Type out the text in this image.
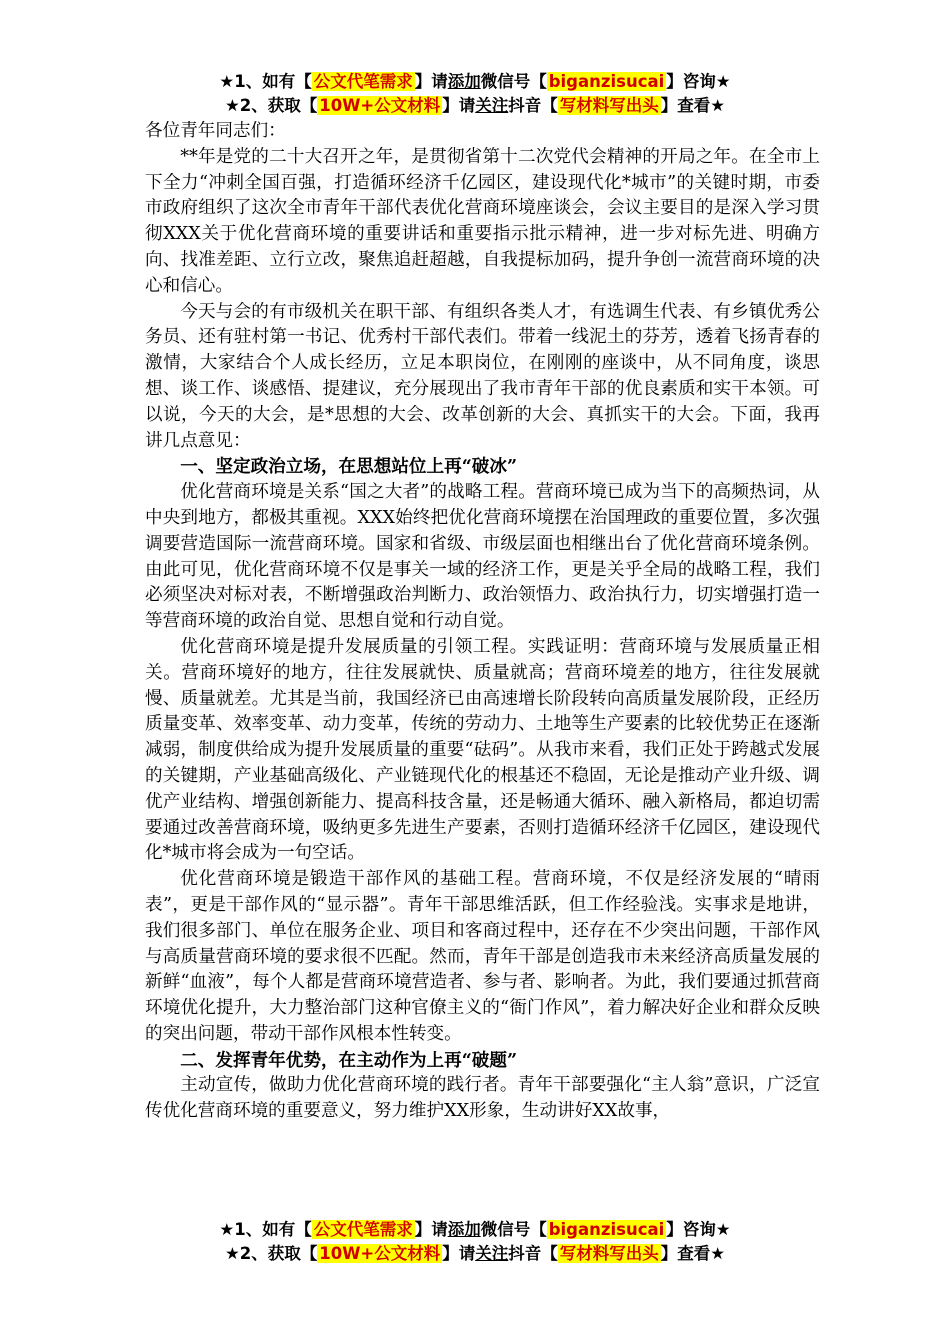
★1、如有【 公文代笔需求 】请添加微信号【 biganzisucai 】咨询★
★2、获取【 10W+公文材料 】请关注抖音【 写材料写出头 】查看★

各位青年同志们：

**年是党的二十大召开之年，是贯彻省第十二次党代会精神的开局之年。在全市上下全力“冲刺全国百强，打造循环经济千亿园区，建设现代化*城市”的关键时期，市委市政府组织了这次全市青年干部代表优化营商环境座谈会，会议主要目的是深入学习贯彻XXX关于优化营商环境的重要讲话和重要指示批示精神，进一步对标先进、明确方向、找准差距、立行立改，聚焦追赶超越，自我提标加码，提升争创一流营商环境的决心和信心。

今天与会的有市级机关在职干部、有组织各类人才，有选调生代表、有乡镇优秀公务员、还有驻村第一书记、优秀村干部代表们。带着一线泥土的芬芳，透着飞扬青春的激情，大家结合个人成长经历，立足本职岗位，在刚刚的座谈中，从不同角度，谈思想、谈工作、谈感悟、提建议，充分展现出了我市青年干部的优良素质和实干本领。可以说，今天的大会，是*思想的大会、改革创新的大会、真抓实干的大会。下面，我再讲几点意见：

一、坚定政治立场，在思想站位上再“破冰”

优化营商环境是关系“国之大者”的战略工程。营商环境已成为当下的高频热词，从中央到地方，都极其重视。XXX始终把优化营商环境摆在治国理政的重要位置，多次强调要营造国际一流营商环境。国家和省级、市级层面也相继出台了优化营商环境条例。由此可见，优化营商环境不仅是事关一域的经济工作，更是关乎全局的战略工程，我们必须坚决对标对表，不断增强政治判断力、政治领悟力、政治执行力，切实增强打造一等营商环境的政治自觉、思想自觉和行动自觉。

优化营商环境是提升发展质量的引领工程。实践证明：营商环境与发展质量正相关。营商环境好的地方，往往发展就快、质量就高；营商环境差的地方，往往发展就慢、质量就差。尤其是当前，我国经济已由高速增长阶段转向高质量发展阶段，正经历质量变革、效率变革、动力变革，传统的劳动力、土地等生产要素的比较优势正在逐渐减弱，制度供给成为提升发展质量的重要“砝码”。从我市来看，我们正处于跨越式发展的关键期，产业基础高级化、产业链现代化的根基还不稳固，无论是推动产业升级、调优产业结构、增强创新能力、提高科技含量，还是畅通大循环、融入新格局，都迫切需要通过改善营商环境，吸纳更多先进生产要素，否则打造循环经济千亿园区，建设现代化*城市将会成为一句空话。

优化营商环境是锻造干部作风的基础工程。营商环境，不仅是经济发展的“晴雨表”，更是干部作风的“显示器”。青年干部思维活跃，但工作经验浅。实事求是地讲，我们很多部门、单位在服务企业、项目和客商过程中，还存在不少突出问题，干部作风与高质量营商环境的要求很不匹配。然而，青年干部是创造我市未来经济高质量发展的新鲜“血液”，每个人都是营商环境营造者、参与者、影响者。为此，我们要通过抓营商环境优化提升，大力整治部门这种官僚主义的“衙门作风”，着力解决好企业和群众反映的突出问题，带动干部作风根本性转变。

二、发挥青年优势，在主动作为上再“破题”

主动宣传，做助力优化营商环境的践行者。青年干部要强化“主人翁”意识，广泛宣传优化营商环境的重要意义，努力维护XX形象，生动讲好XX故事，

★1、如有【 公文代笔需求 】请添加微信号【 biganzisucai 】咨询★
★2、获取【 10W+公文材料 】请关注抖音【 写材料写出头 】查看★
